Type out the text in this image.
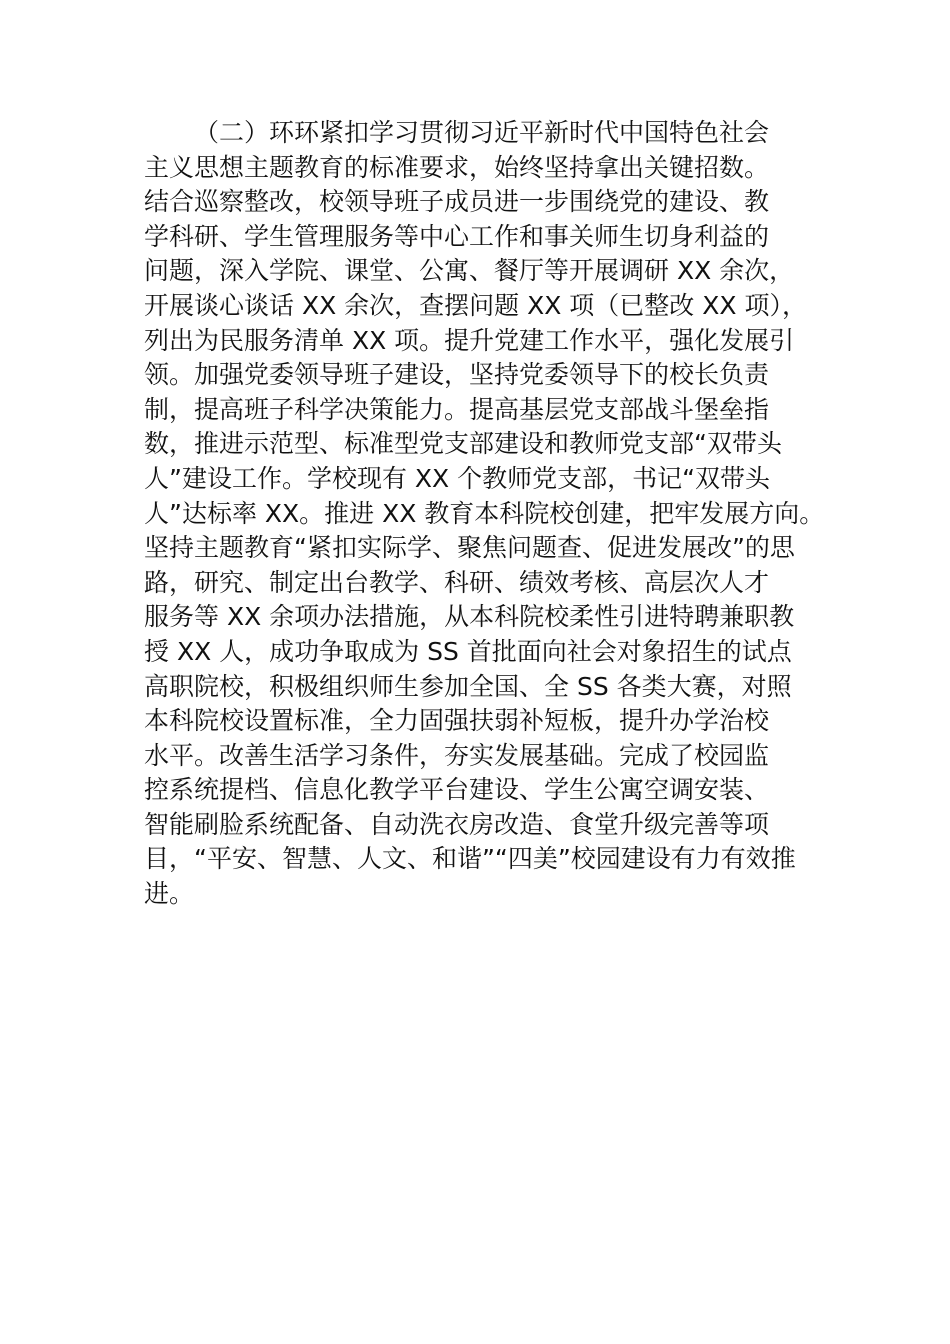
（二）环环紧扣学习贯彻习近平新时代中国特色社会
主义思想主题教育的标准要求，始终坚持拿出关键招数。
结合巡察整改，校领导班子成员进一步围绕党的建设、教
学科研、学生管理服务等中心工作和事关师生切身利益的
问题，深入学院、课堂、公寓、餐厅等开展调研 XX 余次，
开展谈心谈话 XX 余次，查摆问题 XX 项（已整改 XX 项），
列出为民服务清单 XX 项。提升党建工作水平，强化发展引
领。加强党委领导班子建设，坚持党委领导下的校长负责
制，提高班子科学决策能力。提高基层党支部战斗堡垒指
数，推进示范型、标准型党支部建设和教师党支部“双带头
人”建设工作。学校现有 XX 个教师党支部，书记“双带头
人”达标率 XX。推进 XX 教育本科院校创建，把牢发展方向。
坚持主题教育“紧扣实际学、聚焦问题查、促进发展改”的思
路，研究、制定出台教学、科研、绩效考核、高层次人才
服务等 XX 余项办法措施，从本科院校柔性引进特聘兼职教
授 XX 人，成功争取成为 SS 首批面向社会对象招生的试点
高职院校，积极组织师生参加全国、全 SS 各类大赛，对照
本科院校设置标准，全力固强扶弱补短板，提升办学治校
水平。改善生活学习条件，夯实发展基础。完成了校园监
控系统提档、信息化教学平台建设、学生公寓空调安装、
智能刷脸系统配备、自动洗衣房改造、食堂升级完善等项
目，“平安、智慧、人文、和谐”“四美”校园建设有力有效推
进。
